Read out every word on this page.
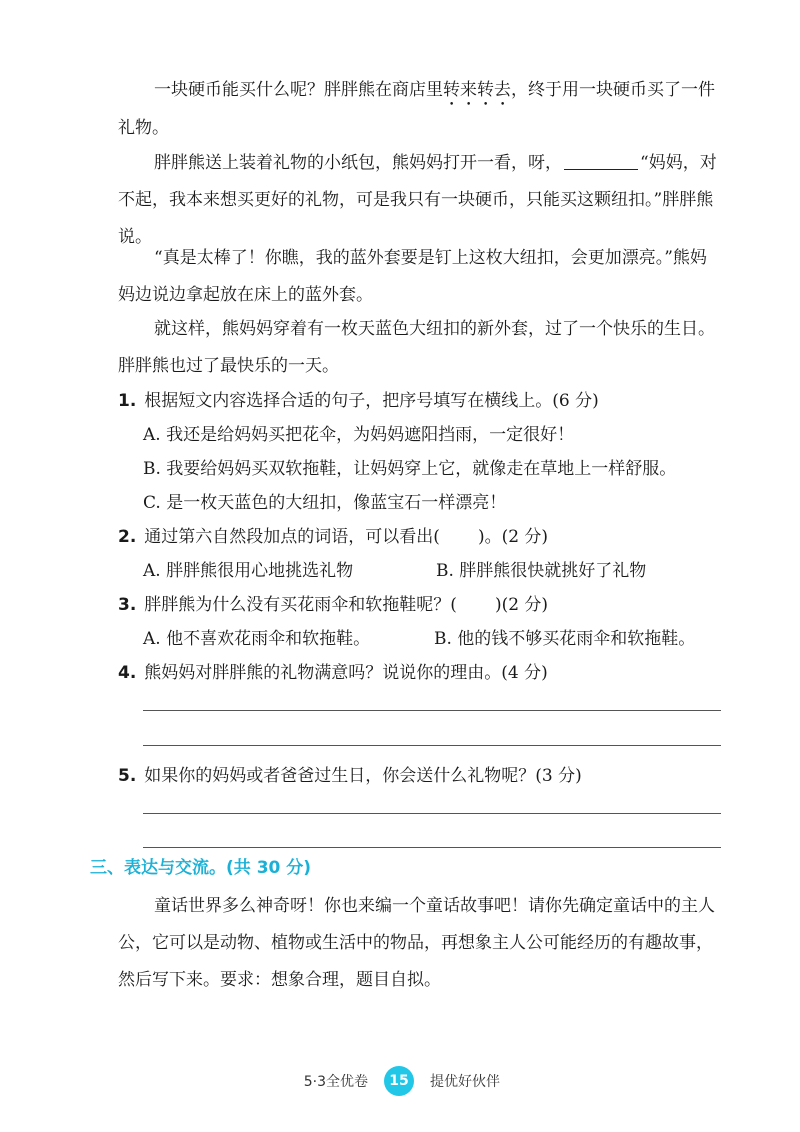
一块硬币能买什么呢？胖胖熊在商店里转来转去，终于用一块硬币买了一件礼物。

胖胖熊送上装着礼物的小纸包，熊妈妈打开一看，呀，	“妈妈，对不起，我本来想买更好的礼物，可是我只有一块硬币，只能买这颗纽扣。”胖胖熊说。

“真是太棒了！你瞧，我的蓝外套要是钉上这枚大纽扣，会更加漂亮。”熊妈妈边说边拿起放在床上的蓝外套。

就这样，熊妈妈穿着有一枚天蓝色大纽扣的新外套，过了一个快乐的生日。胖胖熊也过了最快乐的一天。

1. 根据短文内容选择合适的句子，把序号填写在横线上。(6 分)
A. 我还是给妈妈买把花伞，为妈妈遮阳挡雨，一定很好！
B. 我要给妈妈买双软拖鞋，让妈妈穿上它，就像走在草地上一样舒服。
C. 是一枚天蓝色的大纽扣，像蓝宝石一样漂亮！
2. 通过第六自然段加点的词语，可以看出( )。(2 分)
A. 胖胖熊很用心地挑选礼物	B. 胖胖熊很快就挑好了礼物
3. 胖胖熊为什么没有买花雨伞和软拖鞋呢？( )(2 分)
A. 他不喜欢花雨伞和软拖鞋。	B. 他的钱不够买花雨伞和软拖鞋。
4. 熊妈妈对胖胖熊的礼物满意吗？说说你的理由。(4 分)
5. 如果你的妈妈或者爸爸过生日，你会送什么礼物呢？(3 分)
三、表达与交流。(共 30 分)

童话世界多么神奇呀！你也来编一个童话故事吧！请你先确定童话中的主人公，它可以是动物、植物或生活中的物品，再想象主人公可能经历的有趣故事，然后写下来。要求：想象合理，题目自拟。

5·3全优卷	15	提优好伙伴
